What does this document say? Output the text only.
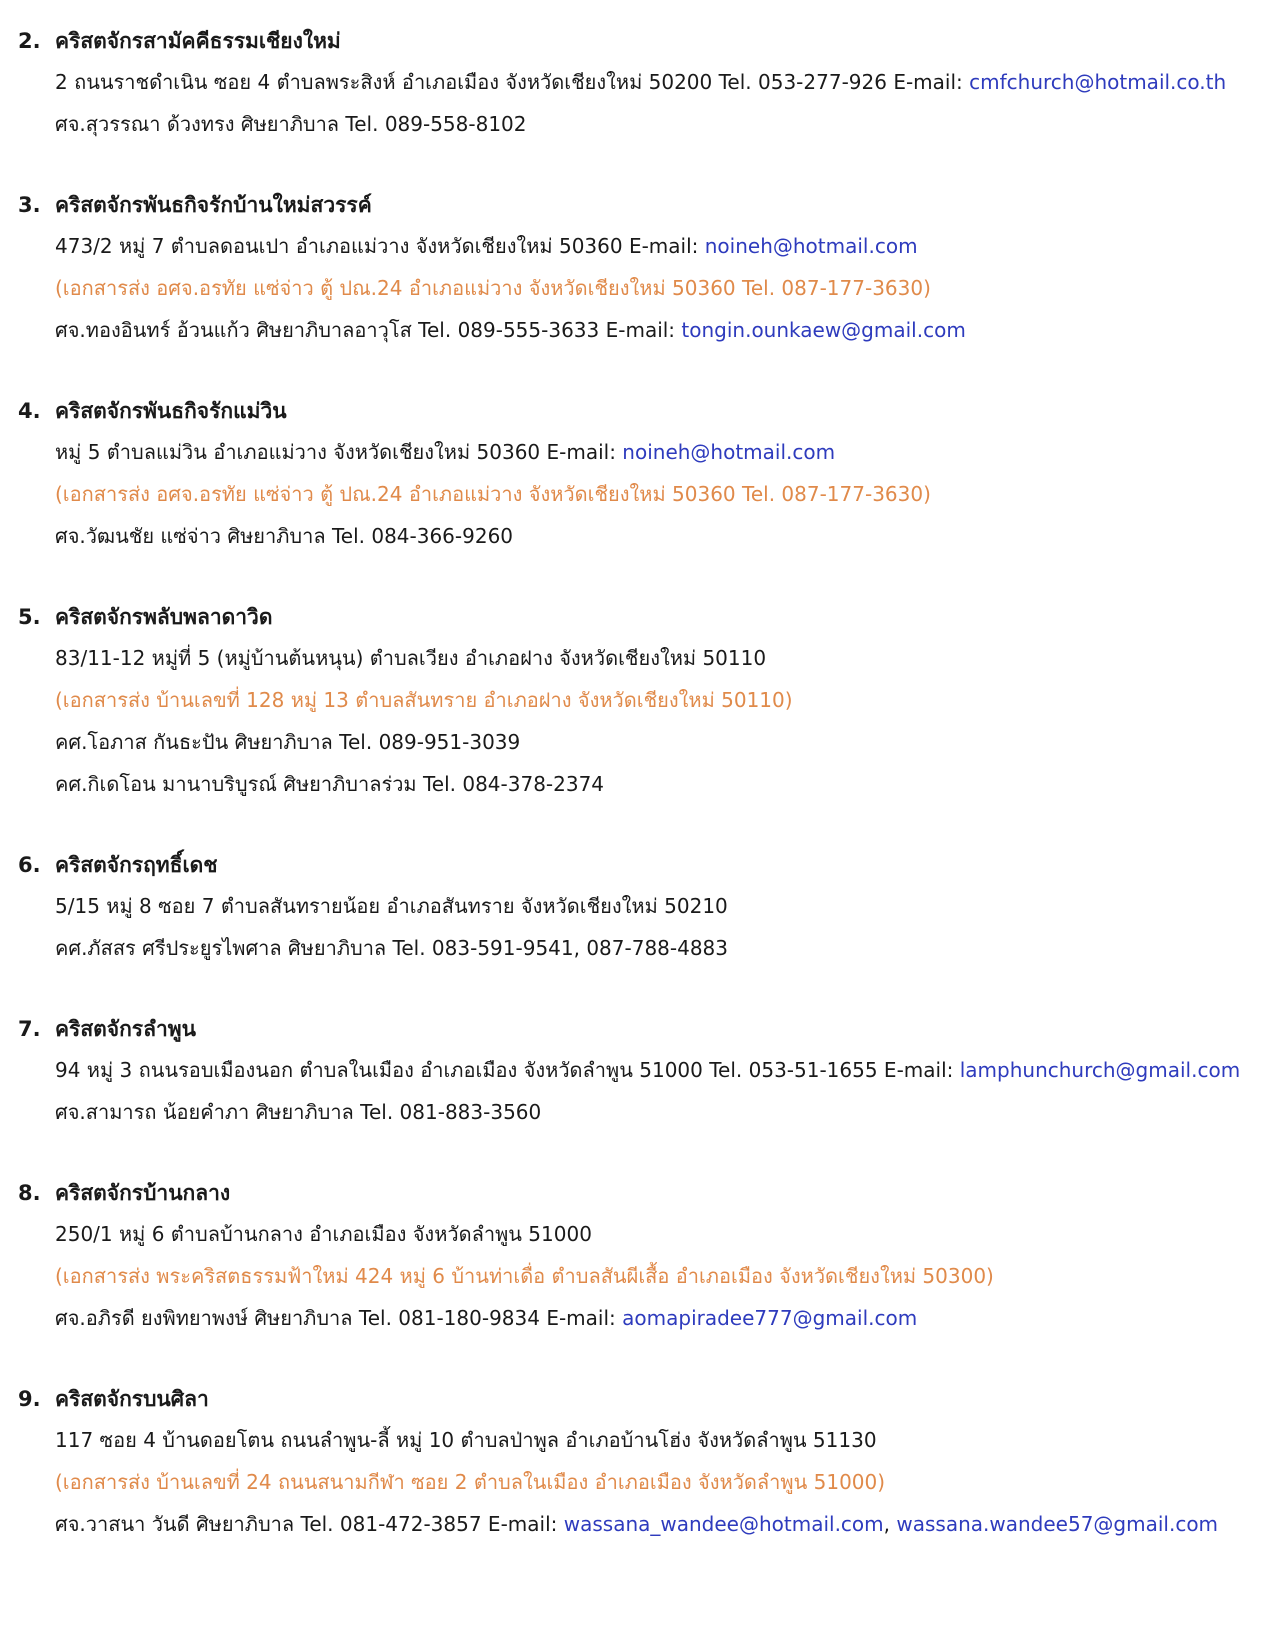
2. คริสตจักรสามัคคีธรรมเชียงใหม่
2 ถนนราชดำเนิน ซอย 4 ตำบลพระสิงห์ อำเภอเมือง จังหวัดเชียงใหม่ 50200 Tel. 053-277-926 E-mail: cmfchurch@hotmail.co.th
ศจ.สุวรรณา ด้วงทรง ศิษยาภิบาล Tel. 089-558-8102
3. คริสตจักรพันธกิจรักบ้านใหม่สวรรค์
473/2 หมู่ 7 ตำบลดอนเปา อำเภอแม่วาง จังหวัดเชียงใหม่ 50360 E-mail: noineh@hotmail.com
(เอกสารส่ง อศจ.อรทัย แซ่จ่าว ตู้ ปณ.24 อำเภอแม่วาง จังหวัดเชียงใหม่ 50360 Tel. 087-177-3630)
ศจ.ทองอินทร์ อ้วนแก้ว ศิษยาภิบาลอาวุโส Tel. 089-555-3633 E-mail: tongin.ounkaew@gmail.com
4. คริสตจักรพันธกิจรักแม่วิน
หมู่ 5 ตำบลแม่วิน อำเภอแม่วาง จังหวัดเชียงใหม่ 50360 E-mail: noineh@hotmail.com
(เอกสารส่ง อศจ.อรทัย แซ่จ่าว ตู้ ปณ.24 อำเภอแม่วาง จังหวัดเชียงใหม่ 50360 Tel. 087-177-3630)
ศจ.วัฒนชัย แซ่จ่าว ศิษยาภิบาล Tel. 084-366-9260
5. คริสตจักรพลับพลาดาวิด
83/11-12 หมู่ที่ 5 (หมู่บ้านต้นหนุน) ตำบลเวียง อำเภอฝาง จังหวัดเชียงใหม่ 50110
(เอกสารส่ง บ้านเลขที่ 128 หมู่ 13 ตำบลสันทราย อำเภอฝาง จังหวัดเชียงใหม่ 50110)
คศ.โอภาส กันธะปัน ศิษยาภิบาล Tel. 089-951-3039
คศ.กิเดโอน มานาบริบูรณ์ ศิษยาภิบาลร่วม Tel. 084-378-2374
6. คริสตจักรฤทธิ์เดช
5/15 หมู่ 8 ซอย 7 ตำบลสันทรายน้อย อำเภอสันทราย จังหวัดเชียงใหม่ 50210
คศ.ภัสสร ศรีประยูรไพศาล ศิษยาภิบาล Tel. 083-591-9541, 087-788-4883
7. คริสตจักรลำพูน
94 หมู่ 3 ถนนรอบเมืองนอก ตำบลในเมือง อำเภอเมือง จังหวัดลำพูน 51000 Tel. 053-51-1655 E-mail: lamphunchurch@gmail.com
ศจ.สามารถ น้อยคำภา ศิษยาภิบาล Tel. 081-883-3560
8. คริสตจักรบ้านกลาง
250/1 หมู่ 6 ตำบลบ้านกลาง อำเภอเมือง จังหวัดลำพูน 51000
(เอกสารส่ง พระคริสตธรรมฟ้าใหม่ 424 หมู่ 6 บ้านท่าเดื่อ ตำบลสันผีเสื้อ อำเภอเมือง จังหวัดเชียงใหม่ 50300)
ศจ.อภิรดี ยงพิทยาพงษ์ ศิษยาภิบาล Tel. 081-180-9834 E-mail: aomapiradee777@gmail.com
9. คริสตจักรบนศิลา
117 ซอย 4 บ้านดอยโตน ถนนลำพูน-ลี้ หมู่ 10 ตำบลป่าพูล อำเภอบ้านโฮ่ง จังหวัดลำพูน 51130
(เอกสารส่ง บ้านเลขที่ 24 ถนนสนามกีฬา ซอย 2 ตำบลในเมือง อำเภอเมือง จังหวัดลำพูน 51000)
ศจ.วาสนา วันดี ศิษยาภิบาล Tel. 081-472-3857 E-mail: wassana_wandee@hotmail.com, wassana.wandee57@gmail.com
